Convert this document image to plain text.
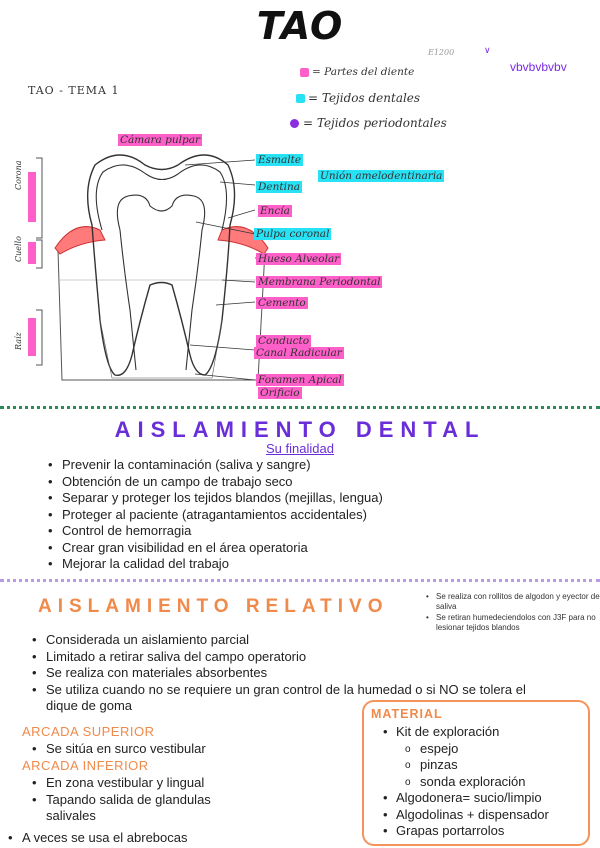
TAO
vbvbvbvbv
TAO - TEMA 1
E1200	∨
= Partes del diente
= Tejidos dentales
= Tejidos periodontales
Corona
Cuello
Raíz
Cámara pulpar
Esmalte
Unión amelodentinaria
Dentina
Encía
Pulpa coronal
Hueso Alveolar
Membrana Periodontal
Cemento
Conducto
Canal Radicular
Foramen Apical
Orificio
AISLAMIENTO DENTAL
Su finalidad
• Prevenir la contaminación (saliva y sangre)
• Obtención de un campo de trabajo seco
• Separar y proteger los tejidos blandos (mejillas, lengua)
• Proteger al paciente (atragantamientos accidentales)
• Control de hemorragia
• Crear gran visibilidad en el área operatoria
• Mejorar la calidad del trabajo
AISLAMIENTO RELATIVO
•	Se realiza con rollitos de algodon y eyector de saliva
• Se retiran humedeciendolos con J3F para no lesionar tejidos blandos
• Considerada un aislamiento parcial
• Limitado a retirar saliva del campo operatorio
• Se realiza con materiales absorbentes
• Se utiliza cuando no se requiere un gran control de la humedad o si NO se tolera el dique de goma
ARCADA SUPERIOR
• Se sitúa en surco vestibular
ARCADA INFERIOR
• En zona vestibular y lingual
• Tapando salida de glandulas salivales
• A veces se usa el abrebocas
MATERIAL
• Kit de exploración
o espejo
o pinzas
o sonda exploración
• Algodonera= sucio/limpio
• Algodolinas + dispensador
• Grapas portarrolos
